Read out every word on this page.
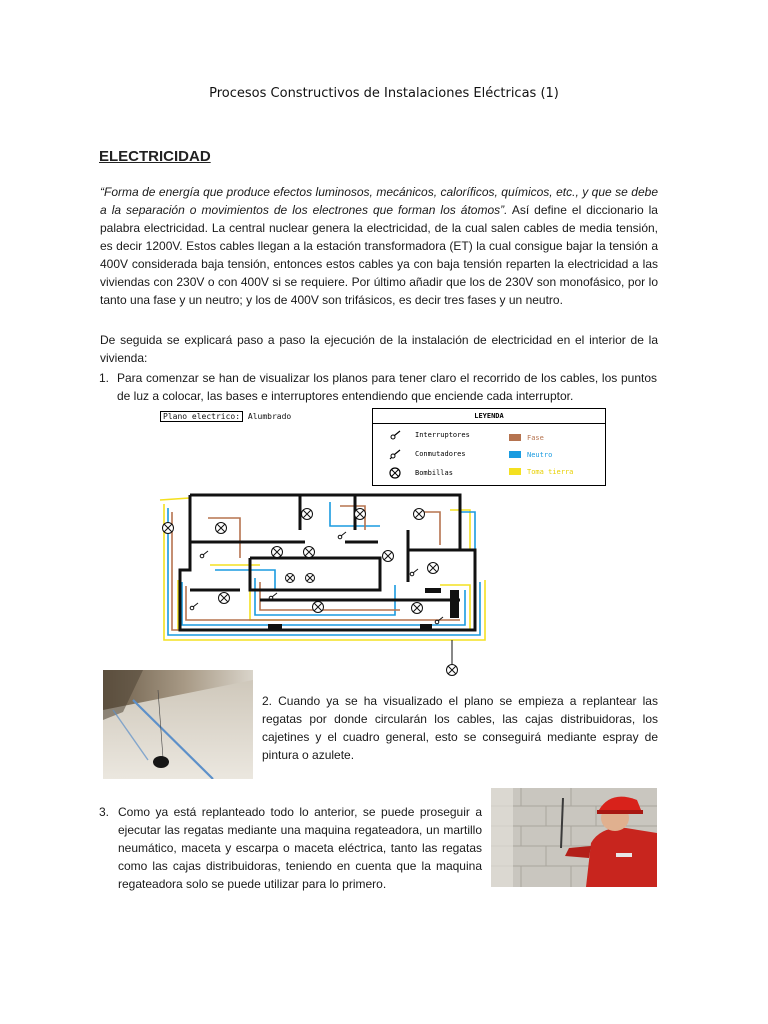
Procesos Constructivos de Instalaciones Eléctricas (1)
ELECTRICIDAD
“Forma de energía que produce efectos luminosos, mecánicos, caloríficos, químicos, etc., y que se debe a la separación o movimientos de los electrones que forman los átomos”. Así define el diccionario la palabra electricidad. La central nuclear genera la electricidad, de la cual salen cables de media tensión, es decir 1200V. Estos cables llegan a la estación transformadora (ET) la cual consigue bajar la tensión a 400V considerada baja tensión, entonces estos cables ya con baja tensión reparten la electricidad a las viviendas con 230V o con 400V si se requiere. Por último añadir que los de 230V son monofásico, por lo tanto una fase y un neutro; y los de 400V son trifásicos, es decir tres fases y un neutro.
De seguida se explicará paso a paso la ejecución de la instalación de electricidad en el interior de la vivienda:
1. Para comenzar se han de visualizar los planos para tener claro el recorrido de los cables, los puntos de luz a colocar, las bases e interruptores entendiendo que enciende cada interruptor.
Plano electrico: Alumbrado	LEYENDA
Interruptores
Conmutadores
Bombillas
Fase
Neutro
Toma tierra
2. Cuando ya se ha visualizado el plano se empieza a replantear las regatas por donde circularán los cables, las cajas distribuidoras, los cajetines y el cuadro general, esto se conseguirá mediante espray de pintura o azulete.
3. Como ya está replanteado todo lo anterior, se puede proseguir a ejecutar las regatas mediante una maquina regateadora, un martillo neumático, maceta y escarpa o maceta eléctrica, tanto las regatas como las cajas distribuidoras, teniendo en cuenta que la maquina regateadora solo se puede utilizar para lo primero.
